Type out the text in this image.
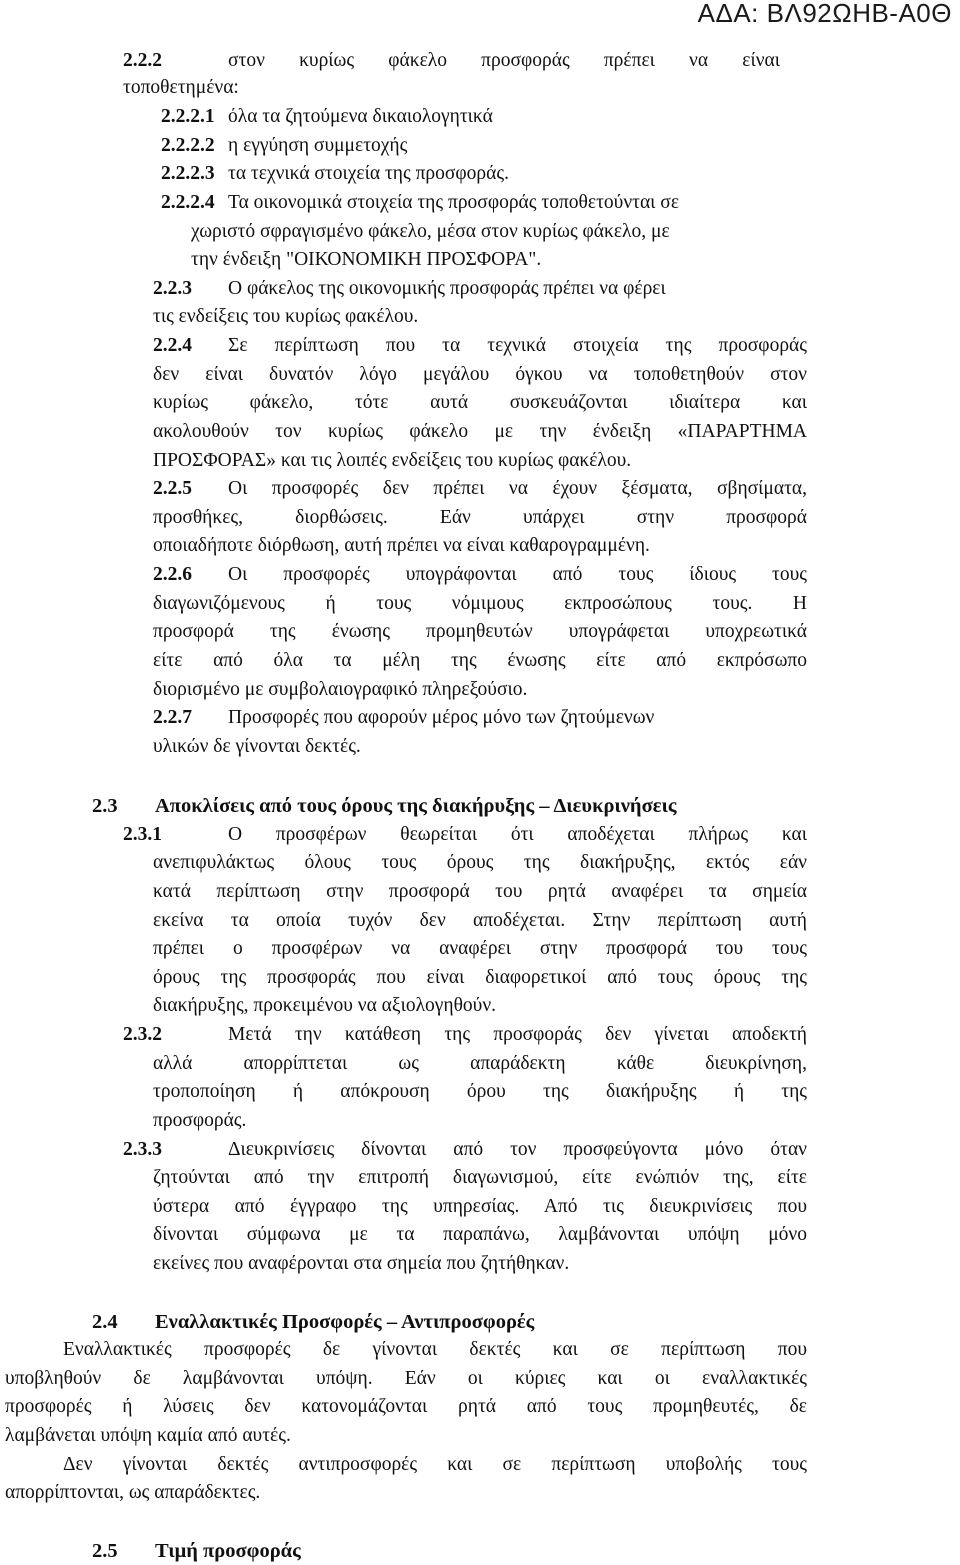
ΑΔΑ: ΒΛ92ΩΗΒ-Α0Θ
2.2.2	στον κυρίως φάκελο προσφοράς πρέπει να είναι
τοποθετημένα:
2.2.2.1 όλα τα ζητούμενα δικαιολογητικά
2.2.2.2 η εγγύηση συμμετοχής
2.2.2.3 τα τεχνικά στοιχεία της προσφοράς.
2.2.2.4 Τα οικονομικά στοιχεία της προσφοράς τοποθετούνται σε
χωριστό σφραγισμένο φάκελο, μέσα στον κυρίως φάκελο, με
την ένδειξη "ΟΙΚΟΝΟΜΙΚΗ ΠΡΟΣΦΟΡΑ".
2.2.3 Ο φάκελος της οικονομικής προσφοράς πρέπει να φέρει
τις ενδείξεις του κυρίως φακέλου.
2.2.4 Σε περίπτωση που τα τεχνικά στοιχεία της προσφοράς
δεν είναι δυνατόν λόγο μεγάλου όγκου να τοποθετηθούν στον
κυρίως φάκελο, τότε αυτά συσκευάζονται ιδιαίτερα και
ακολουθούν τον κυρίως φάκελο με την ένδειξη «ΠΑΡΑΡΤΗΜΑ
ΠΡΟΣΦΟΡΑΣ» και τις λοιπές ενδείξεις του κυρίως φακέλου.
2.2.5 Οι προσφορές δεν πρέπει να έχουν ξέσματα, σβησίματα,
προσθήκες, διορθώσεις. Εάν υπάρχει στην προσφορά
οποιαδήποτε διόρθωση, αυτή πρέπει να είναι καθαρογραμμένη.
2.2.6 Οι προσφορές υπογράφονται από τους ίδιους τους
διαγωνιζόμενους ή τους νόμιμους εκπροσώπους τους. Η
προσφορά της ένωσης προμηθευτών υπογράφεται υποχρεωτικά
είτε από όλα τα μέλη της ένωσης είτε από εκπρόσωπο
διορισμένο με συμβολαιογραφικό πληρεξούσιο.
2.2.7 Προσφορές που αφορούν μέρος μόνο των ζητούμενων
υλικών δε γίνονται δεκτές.
2.3 Αποκλίσεις από τους όρους της διακήρυξης – Διευκρινήσεις
2.3.1	Ο προσφέρων θεωρείται ότι αποδέχεται πλήρως και
ανεπιφυλάκτως όλους τους όρους της διακήρυξης, εκτός εάν
κατά περίπτωση στην προσφορά του ρητά αναφέρει τα σημεία
εκείνα τα οποία τυχόν δεν αποδέχεται. Στην περίπτωση αυτή
πρέπει ο προσφέρων να αναφέρει στην προσφορά του τους
όρους της προσφοράς που είναι διαφορετικοί από τους όρους της
διακήρυξης, προκειμένου να αξιολογηθούν.
2.3.2	Μετά την κατάθεση της προσφοράς δεν γίνεται αποδεκτή
αλλά απορρίπτεται ως απαράδεκτη κάθε διευκρίνηση,
τροποποίηση ή απόκρουση όρου της διακήρυξης ή της
προσφοράς.
2.3.3	Διευκρινίσεις δίνονται από τον προσφεύγοντα μόνο όταν
ζητούνται από την επιτροπή διαγωνισμού, είτε ενώπιόν της, είτε
ύστερα από έγγραφο της υπηρεσίας. Από τις διευκρινίσεις που
δίνονται σύμφωνα με τα παραπάνω, λαμβάνονται υπόψη μόνο
εκείνες που αναφέρονται στα σημεία που ζητήθηκαν.
2.4 Εναλλακτικές Προσφορές – Αντιπροσφορές
Εναλλακτικές προσφορές δε γίνονται δεκτές και σε περίπτωση που
υποβληθούν δε λαμβάνονται υπόψη. Εάν οι κύριες και οι εναλλακτικές
προσφορές ή λύσεις δεν κατονομάζονται ρητά από τους προμηθευτές, δε
λαμβάνεται υπόψη καμία από αυτές.
Δεν γίνονται δεκτές αντιπροσφορές και σε περίπτωση υποβολής τους
απορρίπτονται, ως απαράδεκτες.
2.5 Τιμή προσφοράς
